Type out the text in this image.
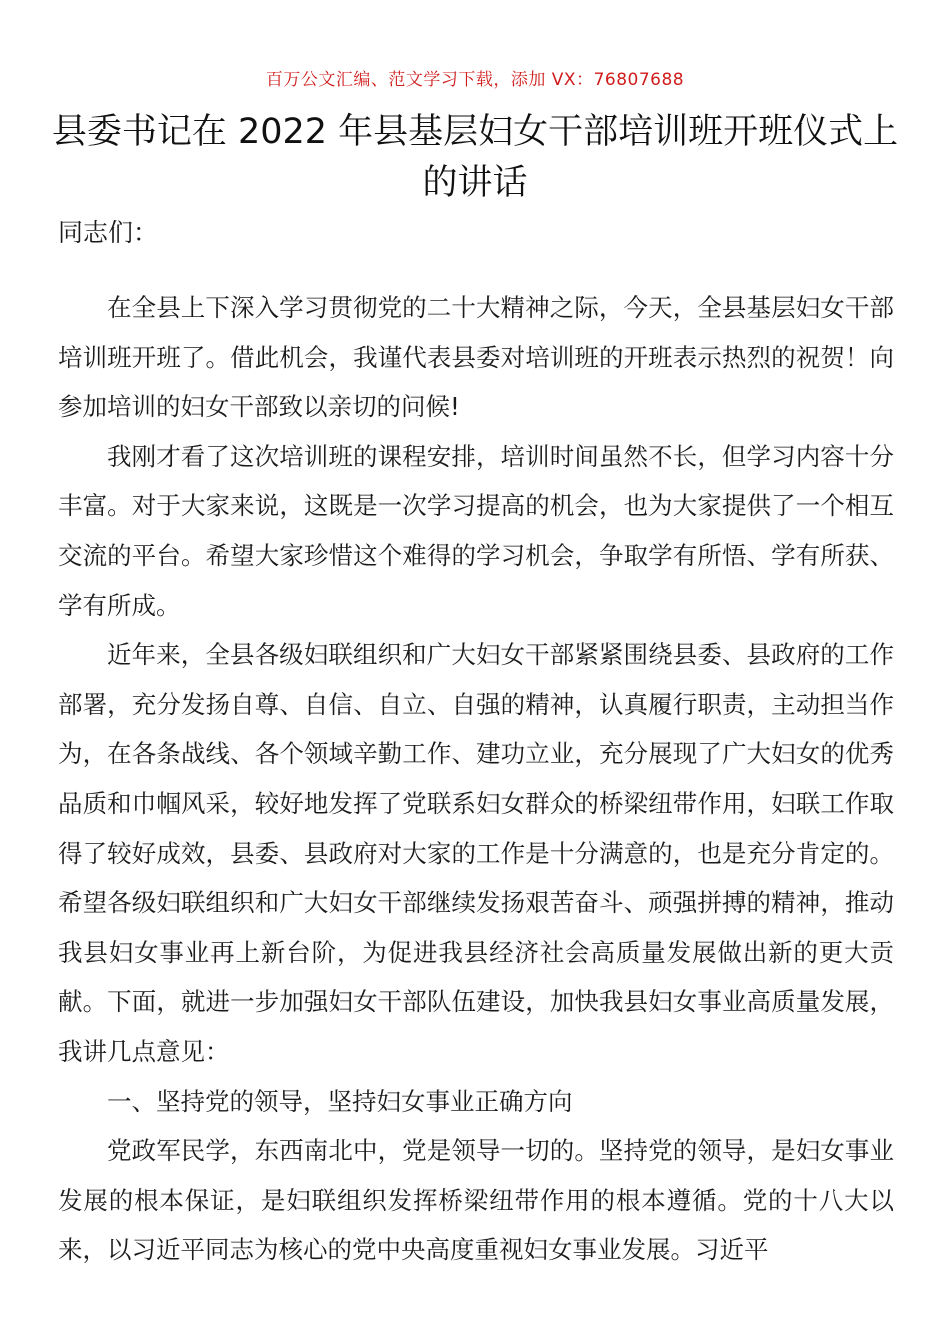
百万公文汇编、范文学习下载，添加 VX：76807688
县委书记在 2022 年县基层妇女干部培训班开班仪式上的讲话

同志们：

在全县上下深入学习贯彻党的二十大精神之际，今天，全县基层妇女干部培训班开班了。借此机会，我谨代表县委对培训班的开班表示热烈的祝贺！向参加培训的妇女干部致以亲切的问候!

我刚才看了这次培训班的课程安排，培训时间虽然不长，但学习内容十分丰富。对于大家来说，这既是一次学习提高的机会，也为大家提供了一个相互交流的平台。希望大家珍惜这个难得的学习机会，争取学有所悟、学有所获、学有所成。

近年来，全县各级妇联组织和广大妇女干部紧紧围绕县委、县政府的工作部署，充分发扬自尊、自信、自立、自强的精神，认真履行职责，主动担当作为，在各条战线、各个领域辛勤工作、建功立业，充分展现了广大妇女的优秀品质和巾帼风采，较好地发挥了党联系妇女群众的桥梁纽带作用，妇联工作取得了较好成效，县委、县政府对大家的工作是十分满意的，也是充分肯定的。希望各级妇联组织和广大妇女干部继续发扬艰苦奋斗、顽强拼搏的精神，推动我县妇女事业再上新台阶，为促进我县经济社会高质量发展做出新的更大贡献。下面，就进一步加强妇女干部队伍建设，加快我县妇女事业高质量发展，我讲几点意见：

一、坚持党的领导，坚持妇女事业正确方向

党政军民学，东西南北中，党是领导一切的。坚持党的领导，是妇女事业发展的根本保证，是妇联组织发挥桥梁纽带作用的根本遵循。党的十八大以来，以习近平同志为核心的党中央高度重视妇女事业发展。习近平
